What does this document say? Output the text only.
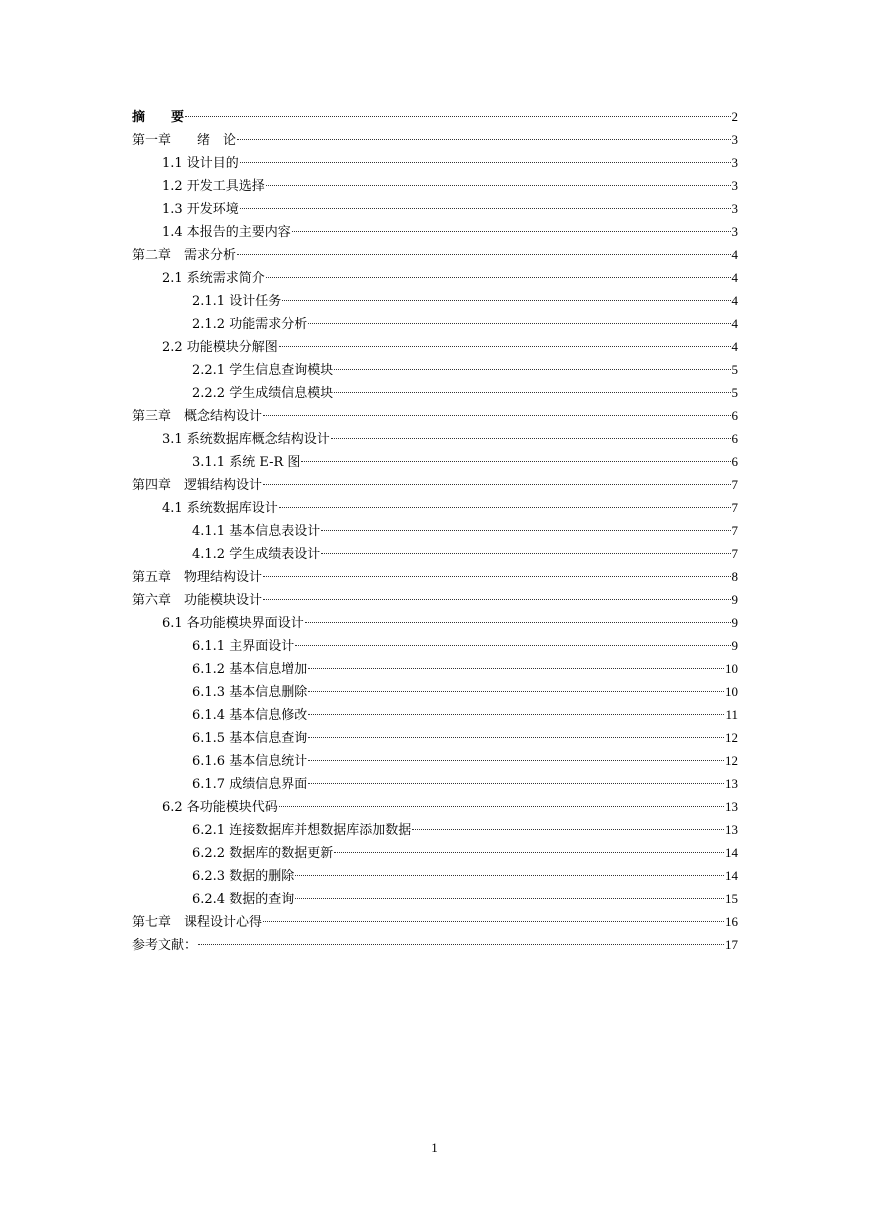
摘　　要	2
第一章　　绪　论	3
1.1 设计目的	3
1.2 开发工具选择	3
1.3 开发环境	3
1.4 本报告的主要内容	3
第二章　需求分析	4
2.1 系统需求简介	4
2.1.1 设计任务	4
2.1.2 功能需求分析	4
2.2 功能模块分解图	4
2.2.1 学生信息查询模块	5
2.2.2 学生成绩信息模块	5
第三章　概念结构设计	6
3.1 系统数据库概念结构设计	6
3.1.1 系统 E-R 图	6
第四章　逻辑结构设计	7
4.1 系统数据库设计	7
4.1.1 基本信息表设计	7
4.1.2 学生成绩表设计	7
第五章　物理结构设计	8
第六章　功能模块设计	9
6.1 各功能模块界面设计	9
6.1.1 主界面设计	9
6.1.2 基本信息增加	10
6.1.3 基本信息删除	10
6.1.4 基本信息修改	11
6.1.5 基本信息查询	12
6.1.6 基本信息统计	12
6.1.7 成绩信息界面	13
6.2 各功能模块代码	13
6.2.1 连接数据库并想数据库添加数据	13
6.2.2 数据库的数据更新	14
6.2.3 数据的删除	14
6.2.4 数据的查询	15
第七章　课程设计心得	16
参考文献：	17
1
